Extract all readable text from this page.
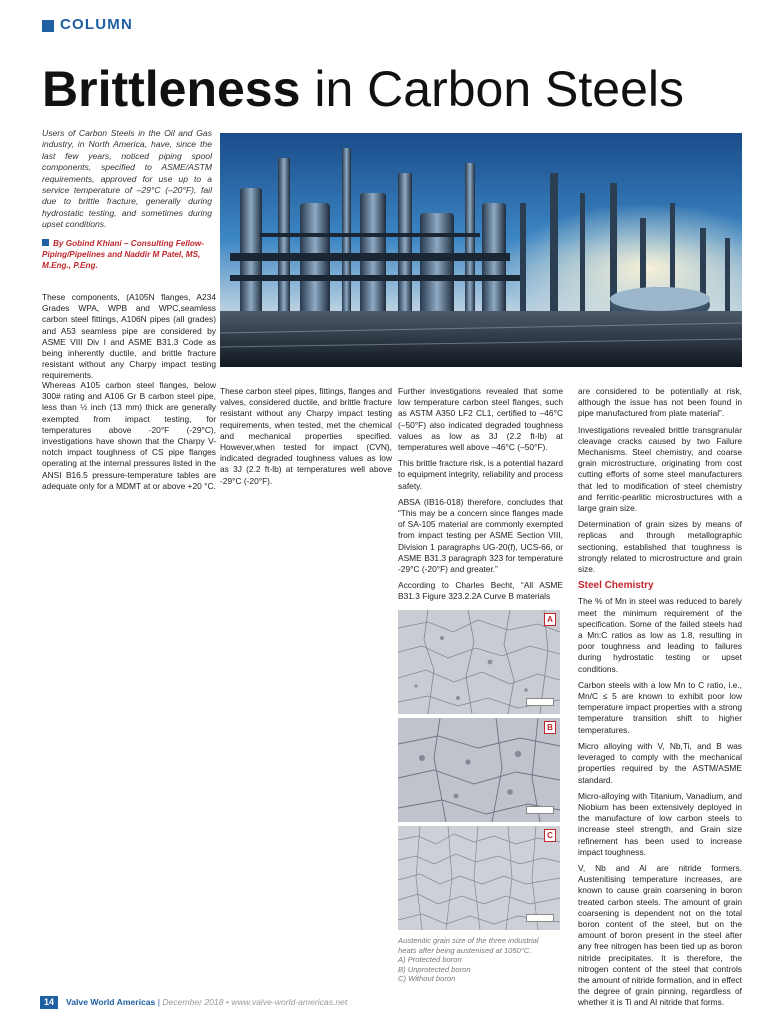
COLUMN
Brittleness in Carbon Steels
Users of Carbon Steels in the Oil and Gas industry, in North America, have, since the last few years, noticed piping spool components, specified to ASME/ASTM requirements, approved for use up to a service temperature of –29°C (–20°F), fail due to brittle fracture, generally during hydrostatic testing, and sometimes during upset conditions.
By Gobind Khiani – Consulting Fellow-Piping/Pipelines and Naddir M Patel, MS, M.Eng., P.Eng.

These components, (A105N flanges, A234 Grades WPA, WPB and WPC,seamless carbon steel fittings, A106N pipes (all grades) and A53 seamless pipe are considered by ASME VIII Div I and ASME B31.3 Code as being inherently ductile, and brittle fracture resistant without any Charpy impact testing requirements.

Whereas A105 carbon steel flanges, below 300# rating and A106 Gr B carbon steel pipe, less than ½ inch (13 mm) thick are generally exempted from impact testing, for temperatures above -20°F (-29°C), investigations have shown that the Charpy V-notch impact toughness of CS pipe flanges operating at the internal pressures listed in the ANSI B16.5 pressure-temperature tables are adequate only for a MDMT at or above +20 °C.

These carbon steel pipes, fittings, flanges and valves, considered ductile, and brittle fracture resistant without any Charpy impact testing requirements, when tested, met the chemical and mechanical properties specified. However,when tested for impact (CVN), indicated degraded toughness values as low as 3J (2.2 ft-lb) at temperatures well above -29°C (-20°F).

Further investigations revealed that some low temperature carbon steel flanges, such as ASTM A350 LF2 CL1, certified to –46°C (–50°F) also indicated degraded toughness values as low as 3J (2.2 ft-lb) at temperatures well above –46°C (–50°F).

This brittle fracture risk, is a potential hazard to equipment integrity, reliability and process safety.

ABSA (IB16-018) therefore, concludes that “This may be a concern since flanges made of SA-105 material are commonly exempted from impact testing per ASME Section VIII, Division 1 paragraphs UG-20(f), UCS-66, or ASME B31.3 paragraph 323 for temperature -29°C (-20°F) and greater.”

According to Charles Becht, “All ASME B31.3 Figure 323.2.2A Curve B materials

A
B
C
Austenitic grain size of the three industrial
heats after being austenised at 1050°C.
A) Protected boron
B) Unprotected boron
C) Without boron

are considered to be potentially at risk, although the issue has not been found in pipe manufactured from plate material”.

Investigations revealed brittle transgranular cleavage cracks caused by two Failure Mechanisms. Steel chemistry, and coarse grain microstructure, originating from cost cutting efforts of some steel manufacturers that led to modification of steel chemistry and ferritic-pearlitic microstructures with a large grain size.

Determination of grain sizes by means of replicas and through metallographic sectioning, established that toughness is strongly related to microstructure and grain size.

Steel Chemistry

The % of Mn in steel was reduced to barely meet the minimum requirement of the specification. Some of the failed steels had a Mn:C ratios as low as 1.8, resulting in poor toughness and leading to failures during hydrostatic testing or upset conditions.

Carbon steels with a low Mn to C ratio, i.e., Mn/C ≤ 5 are known to exhibit poor low temperature impact properties with a strong temperature transition shift to higher temperatures.

Micro alloying with V, Nb,Ti, and B was leveraged to comply with the mechanical properties required by the ASTM/ASME standard.

Micro-alloying with Titanium, Vanadium, and Niobium has been extensively deployed in the manufacture of low carbon steels to increase steel strength, and Grain size refinement has been used to increase impact toughness.

V, Nb and Al are nitride formers. Austenitising temperature increases, are known to cause grain coarsening in boron treated carbon steels. The amount of grain coarsening is dependent not on the total boron content of the steel, but on the amount of boron present in the steel after any free nitrogen has been tied up as boron nitride precipitates. It is therefore, the nitrogen content of the steel that controls the amount of nitride formation, and in effect the degree of grain pinning, regardless of whether it is Ti and Al nitride that forms.

14	Valve World Americas | December 2018 • www.valve-world-americas.net
